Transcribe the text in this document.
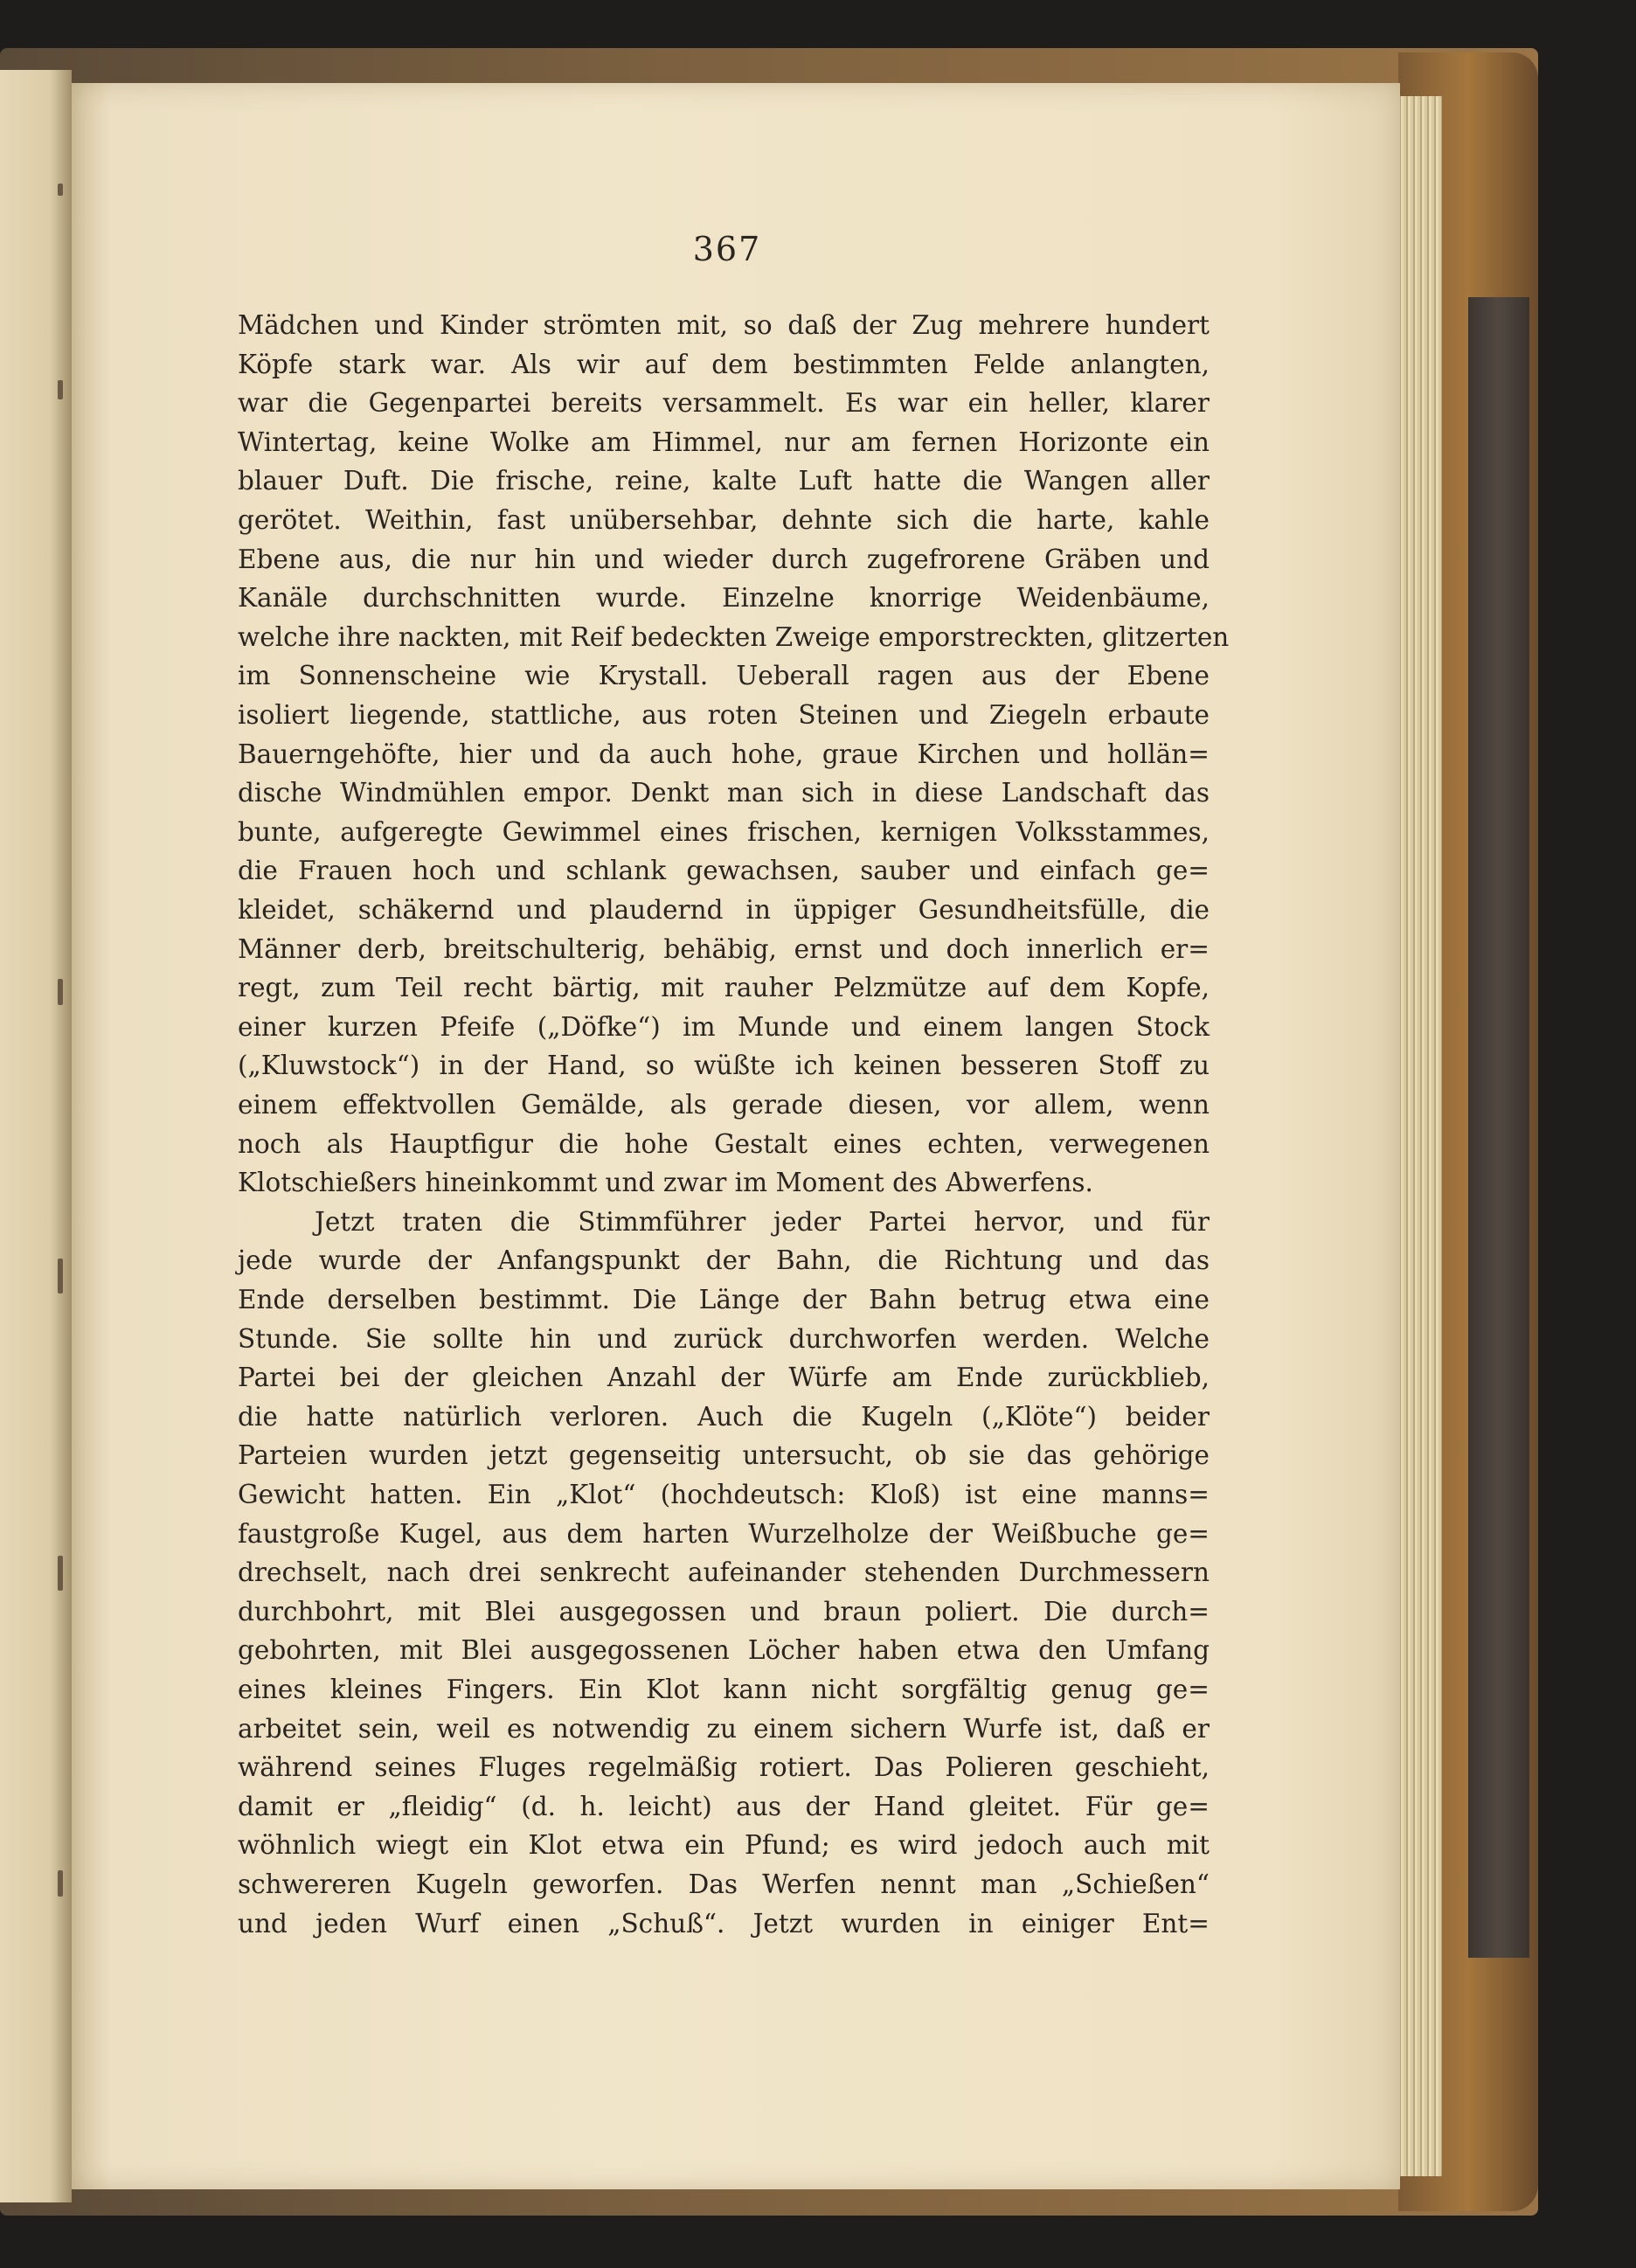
367
Mädchen und Kinder strömten mit, so daß der Zug mehrere hundert
Köpfe stark war. Als wir auf dem bestimmten Felde anlangten,
war die Gegenpartei bereits versammelt. Es war ein heller, klarer
Wintertag, keine Wolke am Himmel, nur am fernen Horizonte ein
blauer Duft. Die frische, reine, kalte Luft hatte die Wangen aller
gerötet. Weithin, fast unübersehbar, dehnte sich die harte, kahle
Ebene aus, die nur hin und wieder durch zugefrorene Gräben und
Kanäle durchschnitten wurde. Einzelne knorrige Weidenbäume,
welche ihre nackten, mit Reif bedeckten Zweige emporstreckten, glitzerten
im Sonnenscheine wie Krystall. Ueberall ragen aus der Ebene
isoliert liegende, stattliche, aus roten Steinen und Ziegeln erbaute
Bauerngehöfte, hier und da auch hohe, graue Kirchen und hollän=
dische Windmühlen empor. Denkt man sich in diese Landschaft das
bunte, aufgeregte Gewimmel eines frischen, kernigen Volksstammes,
die Frauen hoch und schlank gewachsen, sauber und einfach ge=
kleidet, schäkernd und plaudernd in üppiger Gesundheitsfülle, die
Männer derb, breitschulterig, behäbig, ernst und doch innerlich er=
regt, zum Teil recht bärtig, mit rauher Pelzmütze auf dem Kopfe,
einer kurzen Pfeife („Döfke“) im Munde und einem langen Stock
(„Kluwstock“) in der Hand, so wüßte ich keinen besseren Stoff zu
einem effektvollen Gemälde, als gerade diesen, vor allem, wenn
noch als Hauptfigur die hohe Gestalt eines echten, verwegenen
Klotschießers hineinkommt und zwar im Moment des Abwerfens.
Jetzt traten die Stimmführer jeder Partei hervor, und für
jede wurde der Anfangspunkt der Bahn, die Richtung und das
Ende derselben bestimmt. Die Länge der Bahn betrug etwa eine
Stunde. Sie sollte hin und zurück durchworfen werden. Welche
Partei bei der gleichen Anzahl der Würfe am Ende zurückblieb,
die hatte natürlich verloren. Auch die Kugeln („Klöte“) beider
Parteien wurden jetzt gegenseitig untersucht, ob sie das gehörige
Gewicht hatten. Ein „Klot“ (hochdeutsch: Kloß) ist eine manns=
faustgroße Kugel, aus dem harten Wurzelholze der Weißbuche ge=
drechselt, nach drei senkrecht aufeinander stehenden Durchmessern
durchbohrt, mit Blei ausgegossen und braun poliert. Die durch=
gebohrten, mit Blei ausgegossenen Löcher haben etwa den Umfang
eines kleines Fingers. Ein Klot kann nicht sorgfältig genug ge=
arbeitet sein, weil es notwendig zu einem sichern Wurfe ist, daß er
während seines Fluges regelmäßig rotiert. Das Polieren geschieht,
damit er „fleidig“ (d. h. leicht) aus der Hand gleitet. Für ge=
wöhnlich wiegt ein Klot etwa ein Pfund; es wird jedoch auch mit
schwereren Kugeln geworfen. Das Werfen nennt man „Schießen“
und jeden Wurf einen „Schuß“. Jetzt wurden in einiger Ent=
